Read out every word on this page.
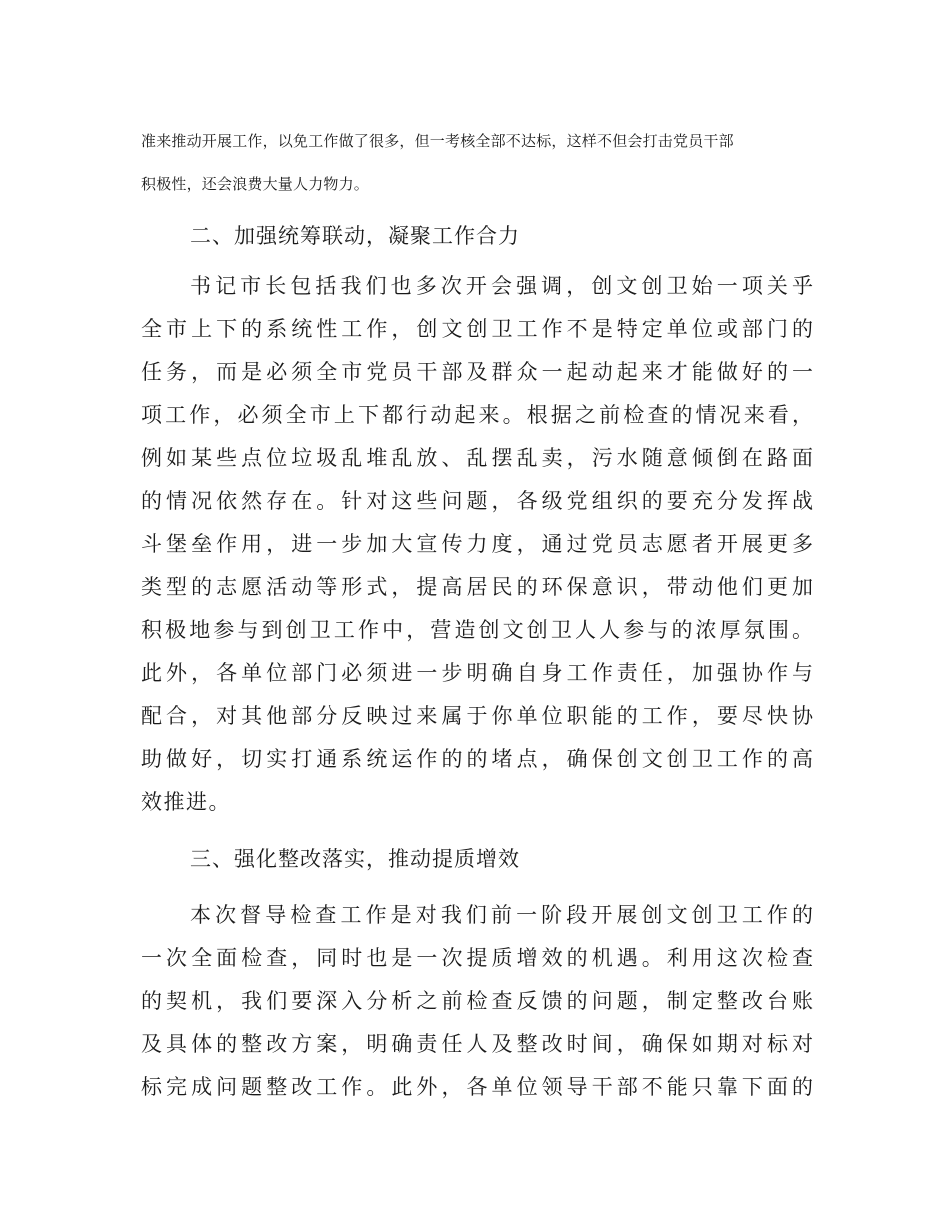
准来推动开展工作，以免工作做了很多，但一考核全部不达标，这样不但会打击党员干部
积极性，还会浪费大量人力物力。
二、加强统筹联动，凝聚工作合力
书记市长包括我们也多次开会强调，创文创卫始一项关乎
全市上下的系统性工作，创文创卫工作不是特定单位或部门的
任务，而是必须全市党员干部及群众一起动起来才能做好的一
项工作，必须全市上下都行动起来。根据之前检查的情况来看，
例如某些点位垃圾乱堆乱放、乱摆乱卖，污水随意倾倒在路面
的情况依然存在。针对这些问题，各级党组织的要充分发挥战
斗堡垒作用，进一步加大宣传力度，通过党员志愿者开展更多
类型的志愿活动等形式，提高居民的环保意识，带动他们更加
积极地参与到创卫工作中，营造创文创卫人人参与的浓厚氛围。
此外，各单位部门必须进一步明确自身工作责任，加强协作与
配合，对其他部分反映过来属于你单位职能的工作，要尽快协
助做好，切实打通系统运作的的堵点，确保创文创卫工作的高
效推进。
三、强化整改落实，推动提质增效
本次督导检查工作是对我们前一阶段开展创文创卫工作的
一次全面检查，同时也是一次提质增效的机遇。利用这次检查
的契机，我们要深入分析之前检查反馈的问题，制定整改台账
及具体的整改方案，明确责任人及整改时间，确保如期对标对
标完成问题整改工作。此外，各单位领导干部不能只靠下面的
